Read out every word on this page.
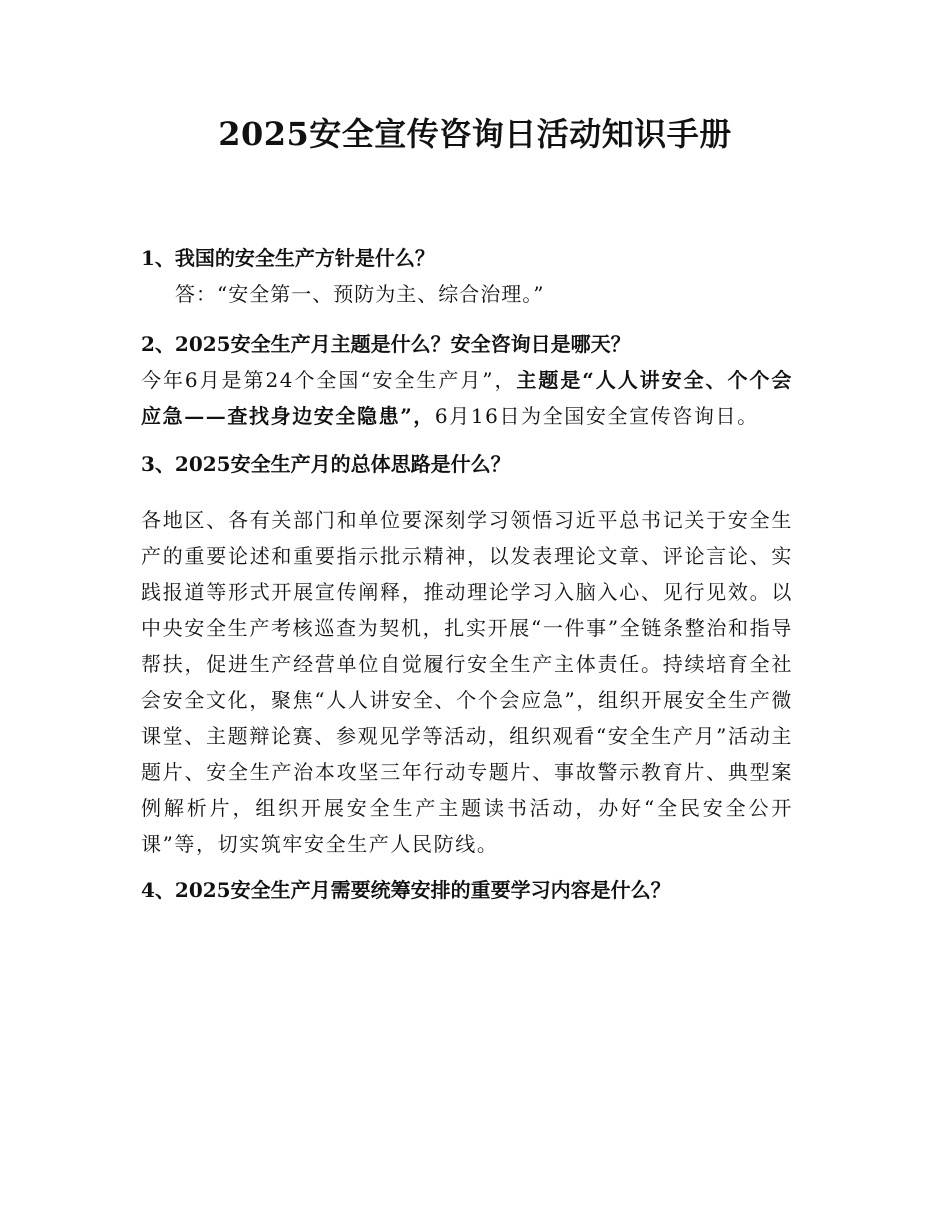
2025安全宣传咨询日活动知识手册

1、我国的安全生产方针是什么？

答：“安全第一、预防为主、综合治理。”

2、2025安全生产月主题是什么？安全咨询日是哪天？

今年6月是第24个全国“安全生产月”，主题是“人人讲安全、个个会应急——查找身边安全隐患”，6月16日为全国安全宣传咨询日。

3、2025安全生产月的总体思路是什么？

各地区、各有关部门和单位要深刻学习领悟习近平总书记关于安全生产的重要论述和重要指示批示精神，以发表理论文章、评论言论、实践报道等形式开展宣传阐释，推动理论学习入脑入心、见行见效。以中央安全生产考核巡查为契机，扎实开展“一件事”全链条整治和指导帮扶，促进生产经营单位自觉履行安全生产主体责任。持续培育全社会安全文化，聚焦“人人讲安全、个个会应急”，组织开展安全生产微课堂、主题辩论赛、参观见学等活动，组织观看“安全生产月”活动主题片、安全生产治本攻坚三年行动专题片、事故警示教育片、典型案例解析片，组织开展安全生产主题读书活动，办好“全民安全公开课”等，切实筑牢安全生产人民防线。

4、2025安全生产月需要统筹安排的重要学习内容是什么？
